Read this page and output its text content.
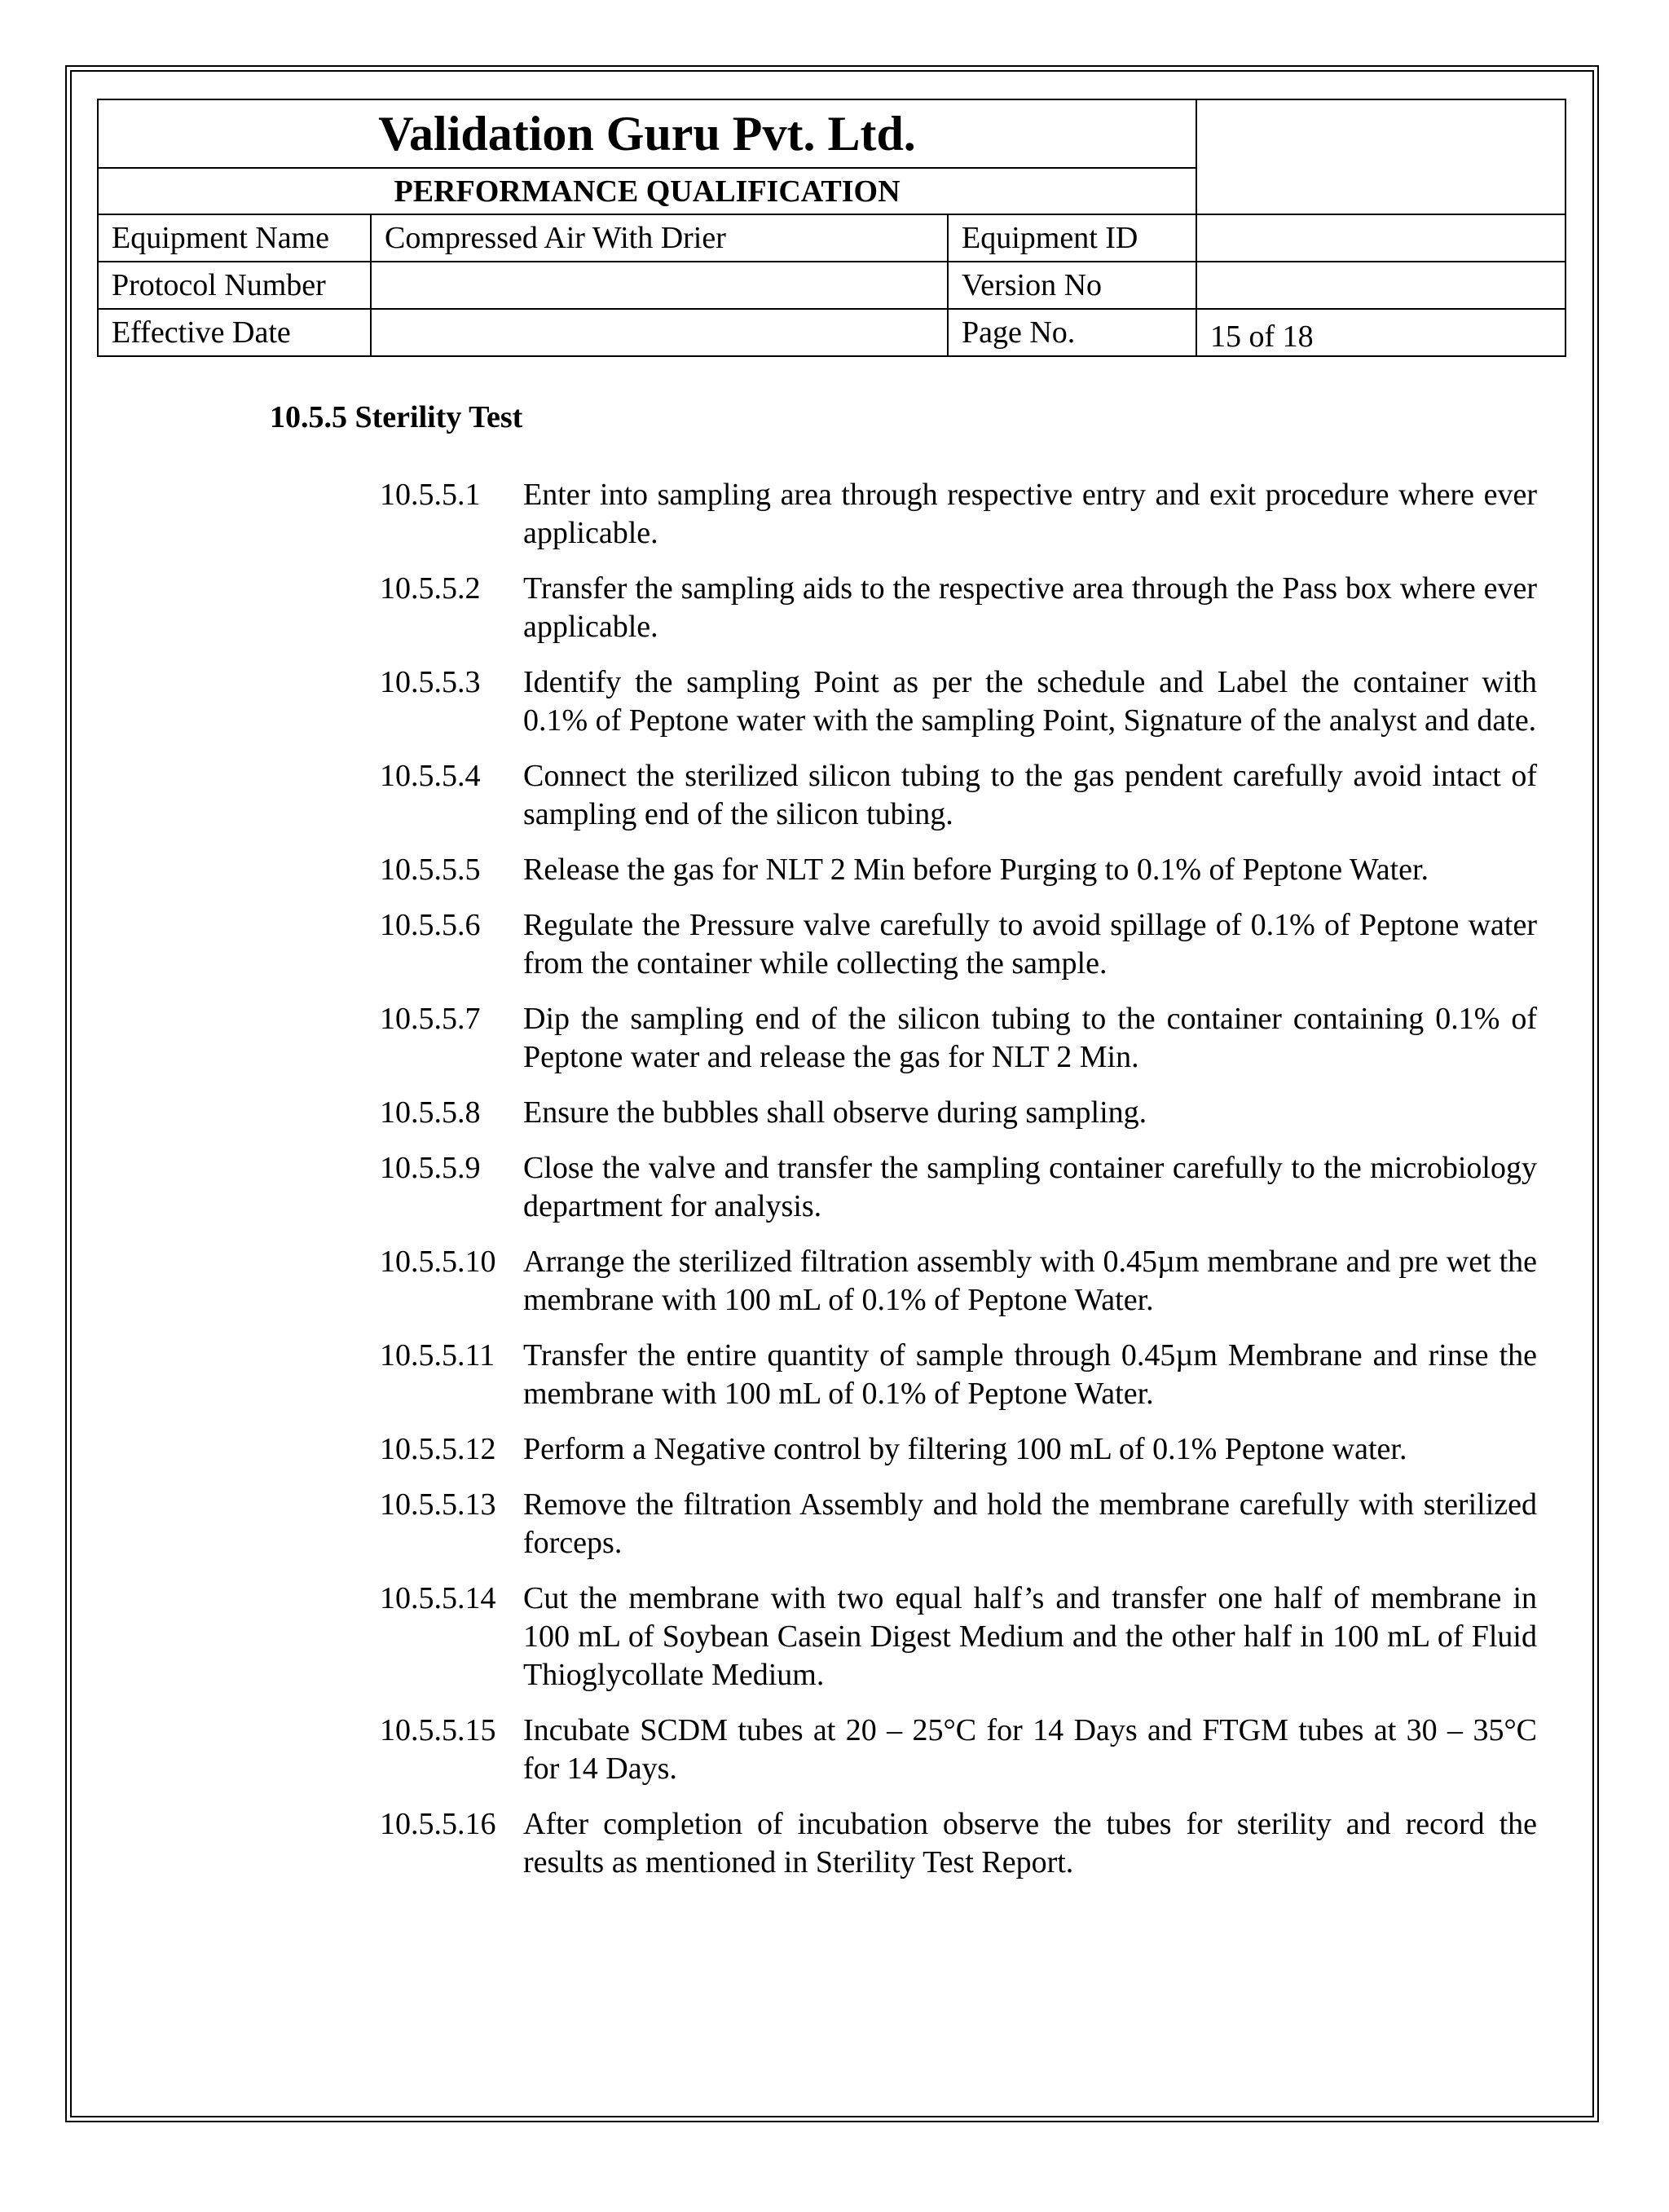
Validation Guru Pvt. Ltd.			
PERFORMANCE QUALIFICATION			
Equipment Name	Compressed Air With Drier	Equipment ID	
Protocol Number		Version No	
Effective Date		Page No.	15 of 18
10.5.5 Sterility Test
10.5.5.1	Enter into sampling area through respective entry and exit procedure where ever applicable.
10.5.5.2	Transfer the sampling aids to the respective area through the Pass box where ever applicable.
10.5.5.3	Identify the sampling Point as per the schedule and Label the container with 0.1% of Peptone water with the sampling Point, Signature of the analyst and date.
10.5.5.4	Connect the sterilized silicon tubing to the gas pendent carefully avoid intact of sampling end of the silicon tubing.
10.5.5.5	Release the gas for NLT 2 Min before Purging to 0.1% of Peptone Water.
10.5.5.6	Regulate the Pressure valve carefully to avoid spillage of 0.1% of Peptone water from the container while collecting the sample.
10.5.5.7	Dip the sampling end of the silicon tubing to the container containing 0.1% of Peptone water and release the gas for NLT 2 Min.
10.5.5.8	Ensure the bubbles shall observe during sampling.
10.5.5.9	Close the valve and transfer the sampling container carefully to the microbiology department for analysis.
10.5.5.10 Arrange the sterilized filtration assembly with 0.45µm membrane and pre wet the membrane with 100 mL of 0.1% of Peptone Water.
10.5.5.11 Transfer the entire quantity of sample through 0.45µm Membrane and rinse the membrane with 100 mL of 0.1% of Peptone Water.
10.5.5.12 Perform a Negative control by filtering 100 mL of 0.1% Peptone water.
10.5.5.13 Remove the filtration Assembly and hold the membrane carefully with sterilized forceps.
10.5.5.14 Cut the membrane with two equal half’s and transfer one half of membrane in 100 mL of Soybean Casein Digest Medium and the other half in 100 mL of Fluid Thioglycollate Medium.
10.5.5.15 Incubate SCDM tubes at 20 – 25°C for 14 Days and FTGM tubes at 30 – 35°C for 14 Days.
10.5.5.16 After completion of incubation observe the tubes for sterility and record the results as mentioned in Sterility Test Report.
